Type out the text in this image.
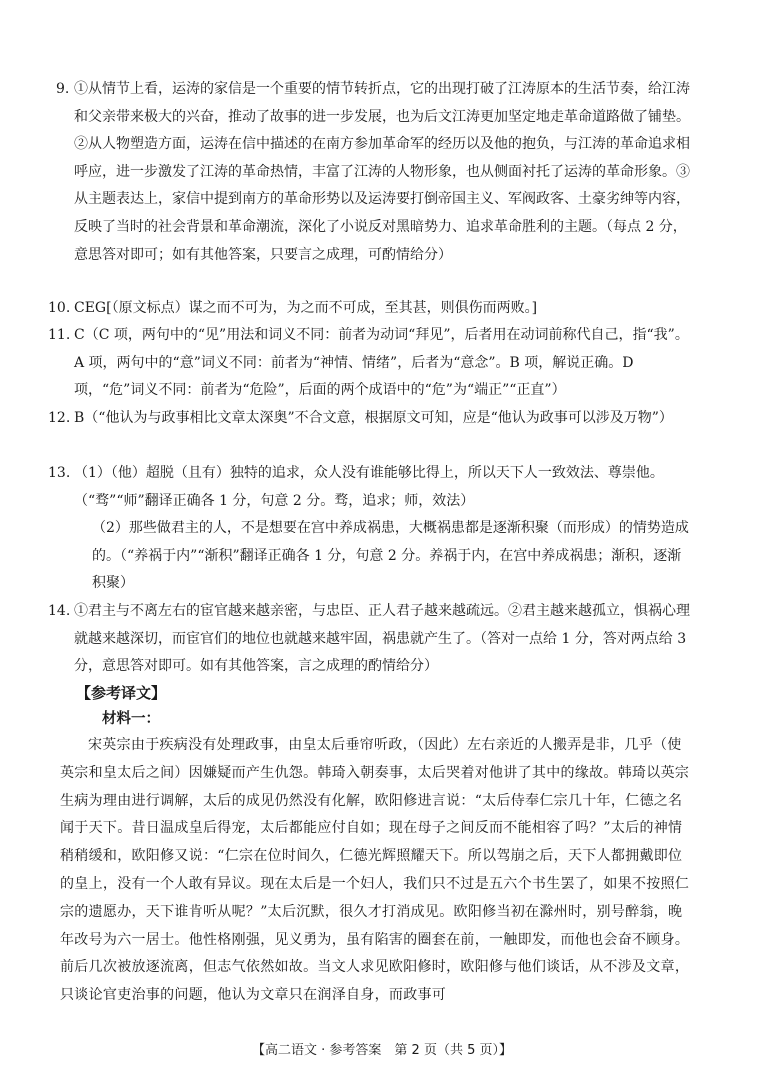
9. ①从情节上看，运涛的家信是一个重要的情节转折点，它的出现打破了江涛原本的生活节奏，给江涛和父亲带来极大的兴奋，推动了故事的进一步发展，也为后文江涛更加坚定地走革命道路做了铺垫。②从人物塑造方面，运涛在信中描述的在南方参加革命军的经历以及他的抱负，与江涛的革命追求相呼应，进一步激发了江涛的革命热情，丰富了江涛的人物形象，也从侧面衬托了运涛的革命形象。③从主题表达上，家信中提到南方的革命形势以及运涛要打倒帝国主义、军阀政客、土豪劣绅等内容，反映了当时的社会背景和革命潮流，深化了小说反对黑暗势力、追求革命胜利的主题。（每点 2 分，意思答对即可；如有其他答案，只要言之成理，可酌情给分）
10. CEG[（原文标点）谋之而不可为，为之而不可成，至其甚，则俱伤而两败。]
11. C（C 项，两句中的“见”用法和词义不同：前者为动词“拜见”，后者用在动词前称代自己，指“我”。A 项，两句中的“意”词义不同：前者为“神情、情绪”，后者为“意念”。B 项，解说正确。D 项，“危”词义不同：前者为“危险”，后面的两个成语中的“危”为“端正”“正直”）
12. B（“他认为与政事相比文章太深奥”不合文意，根据原文可知，应是“他认为政事可以涉及万物”）
13. （1）（他）超脱（且有）独特的追求，众人没有谁能够比得上，所以天下人一致效法、尊崇他。（“骛”“师”翻译正确各 1 分，句意 2 分。骛，追求；师，效法）
（2）那些做君主的人，不是想要在宫中养成祸患，大概祸患都是逐渐积聚（而形成）的情势造成的。（“养祸于内”“渐积”翻译正确各 1 分，句意 2 分。养祸于内，在宫中养成祸患；渐积，逐渐积聚）
14. ①君主与不离左右的宦官越来越亲密，与忠臣、正人君子越来越疏远。②君主越来越孤立，惧祸心理就越来越深切，而宦官们的地位也就越来越牢固，祸患就产生了。（答对一点给 1 分，答对两点给 3 分，意思答对即可。如有其他答案，言之成理的酌情给分）
【参考译文】
材料一：
宋英宗由于疾病没有处理政事，由皇太后垂帘听政，（因此）左右亲近的人搬弄是非，几乎（使英宗和皇太后之间）因嫌疑而产生仇怨。韩琦入朝奏事，太后哭着对他讲了其中的缘故。韩琦以英宗生病为理由进行调解，太后的成见仍然没有化解，欧阳修进言说：“太后侍奉仁宗几十年，仁德之名闻于天下。昔日温成皇后得宠，太后都能应付自如；现在母子之间反而不能相容了吗？”太后的神情稍稍缓和，欧阳修又说：“仁宗在位时间久，仁德光辉照耀天下。所以驾崩之后，天下人都拥戴即位的皇上，没有一个人敢有异议。现在太后是一个妇人，我们只不过是五六个书生罢了，如果不按照仁宗的遗愿办，天下谁肯听从呢？”太后沉默，很久才打消成见。欧阳修当初在滁州时，别号醉翁，晚年改号为六一居士。他性格刚强，见义勇为，虽有陷害的圈套在前，一触即发，而他也会奋不顾身。前后几次被放逐流离，但志气依然如故。当文人求见欧阳修时，欧阳修与他们谈话，从不涉及文章，只谈论官吏治事的问题，他认为文章只在润泽自身，而政事可
【高二语文 · 参考答案　第 2 页（共 5 页）】
